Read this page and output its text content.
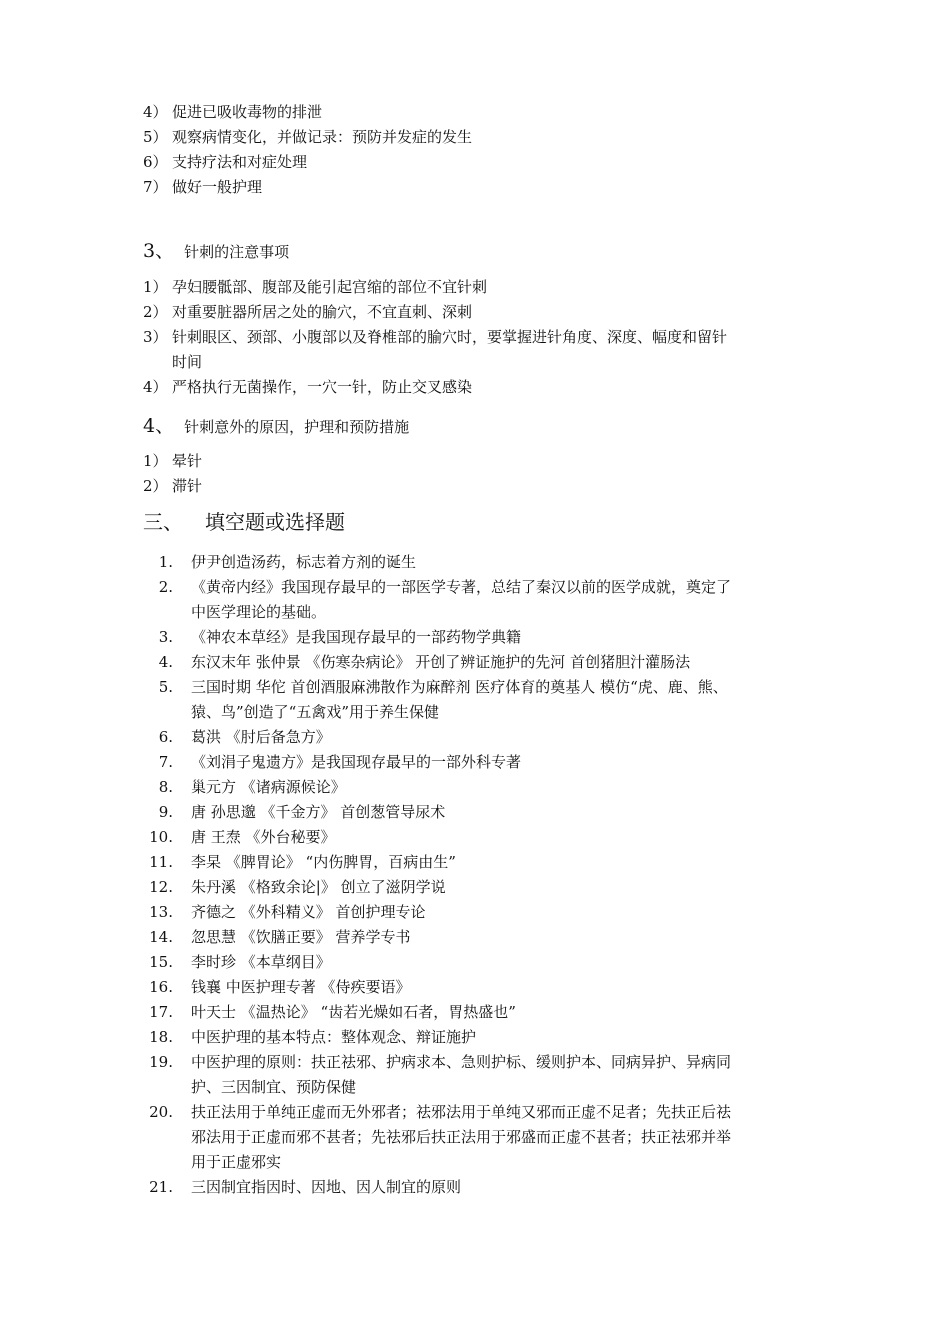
4） 促进已吸收毒物的排泄
5） 观察病情变化，并做记录：预防并发症的发生
6） 支持疗法和对症处理
7） 做好一般护理
3、 针刺的注意事项
1） 孕妇腰骶部、腹部及能引起宫缩的部位不宜针刺
2） 对重要脏器所居之处的腧穴，不宜直刺、深刺
3） 针刺眼区、颈部、小腹部以及脊椎部的腧穴时，要掌握进针角度、深度、幅度和留针
时间
4） 严格执行无菌操作，一穴一针，防止交叉感染
4、 针刺意外的原因，护理和预防措施
1） 晕针
2） 滞针
三、 填空题或选择题
1. 伊尹创造汤药，标志着方剂的诞生
2. 《黄帝内经》我国现存最早的一部医学专著，总结了秦汉以前的医学成就，奠定了
中医学理论的基础。
3. 《神农本草经》是我国现存最早的一部药物学典籍
4. 东汉末年 张仲景 《伤寒杂病论》 开创了辨证施护的先河 首创猪胆汁灌肠法
5. 三国时期 华佗 首创酒服麻沸散作为麻醉剂 医疗体育的奠基人 模仿“虎、鹿、熊、
猿、鸟”创造了“五禽戏”用于养生保健
6. 葛洪 《肘后备急方》
7. 《刘涓子鬼遗方》是我国现存最早的一部外科专著
8. 巢元方 《诸病源候论》
9. 唐 孙思邈 《千金方》 首创葱管导尿术
10. 唐 王焘 《外台秘要》
11. 李杲 《脾胃论》 “内伤脾胃，百病由生”
12. 朱丹溪 《格致余论|》 创立了滋阴学说
13. 齐德之 《外科精义》 首创护理专论
14. 忽思慧 《饮膳正要》 营养学专书
15. 李时珍 《本草纲目》
16. 钱襄 中医护理专著 《侍疾要语》
17. 叶天士 《温热论》 “齿若光燥如石者，胃热盛也”
18. 中医护理的基本特点：整体观念、辩证施护
19. 中医护理的原则：扶正祛邪、护病求本、急则护标、缓则护本、同病异护、异病同
护、三因制宜、预防保健
20. 扶正法用于单纯正虚而无外邪者；祛邪法用于单纯又邪而正虚不足者；先扶正后祛
邪法用于正虚而邪不甚者；先祛邪后扶正法用于邪盛而正虚不甚者；扶正祛邪并举
用于正虚邪实
21. 三因制宜指因时、因地、因人制宜的原则
